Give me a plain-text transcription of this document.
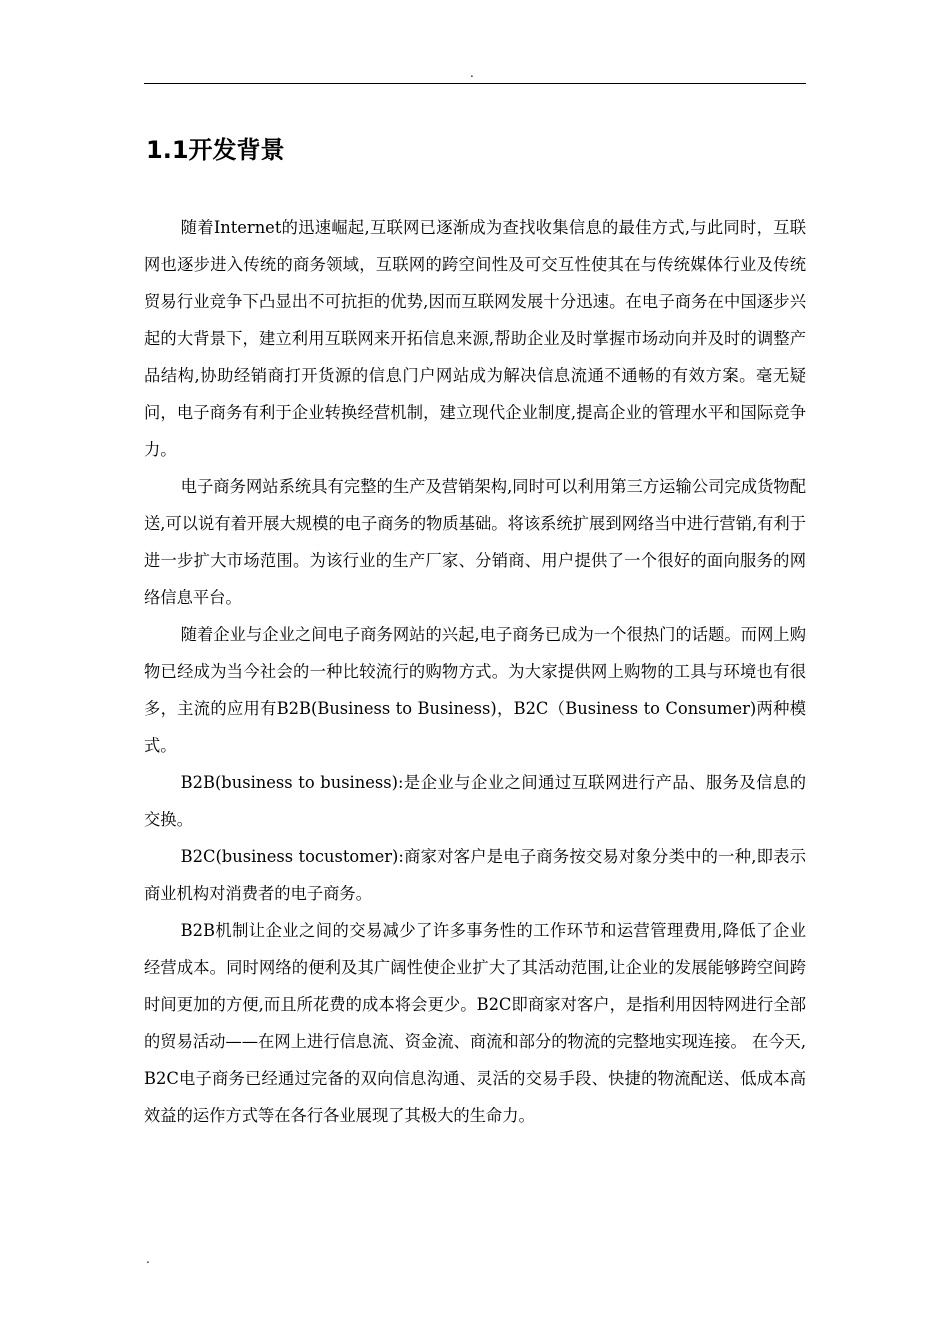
.
1.1开发背景

随着Internet的迅速崛起,互联网已逐渐成为查找收集信息的最佳方式,与此同时，互联网也逐步进入传统的商务领域，互联网的跨空间性及可交互性使其在与传统媒体行业及传统贸易行业竞争下凸显出不可抗拒的优势,因而互联网发展十分迅速。在电子商务在中国逐步兴起的大背景下，建立利用互联网来开拓信息来源,帮助企业及时掌握市场动向并及时的调整产品结构,协助经销商打开货源的信息门户网站成为解决信息流通不通畅的有效方案。毫无疑问，电子商务有利于企业转换经营机制，建立现代企业制度,提高企业的管理水平和国际竞争力。

电子商务网站系统具有完整的生产及营销架构,同时可以利用第三方运输公司完成货物配送,可以说有着开展大规模的电子商务的物质基础。将该系统扩展到网络当中进行营销,有利于进一步扩大市场范围。为该行业的生产厂家、分销商、用户提供了一个很好的面向服务的网络信息平台。

随着企业与企业之间电子商务网站的兴起,电子商务已成为一个很热门的话题。而网上购物已经成为当今社会的一种比较流行的购物方式。为大家提供网上购物的工具与环境也有很多，主流的应用有B2B(Business to Business)，B2C（Business to Consumer)两种模式。

B2B(business to business):是企业与企业之间通过互联网进行产品、服务及信息的交换。

B2C(business tocustomer):商家对客户是电子商务按交易对象分类中的一种,即表示商业机构对消费者的电子商务。

B2B机制让企业之间的交易减少了许多事务性的工作环节和运营管理费用,降低了企业经营成本。同时网络的便利及其广阔性使企业扩大了其活动范围,让企业的发展能够跨空间跨时间更加的方便,而且所花费的成本将会更少。B2C即商家对客户，是指利用因特网进行全部的贸易活动——在网上进行信息流、资金流、商流和部分的物流的完整地实现连接。 在今天,B2C电子商务已经通过完备的双向信息沟通、灵活的交易手段、快捷的物流配送、低成本高效益的运作方式等在各行各业展现了其极大的生命力。

.
